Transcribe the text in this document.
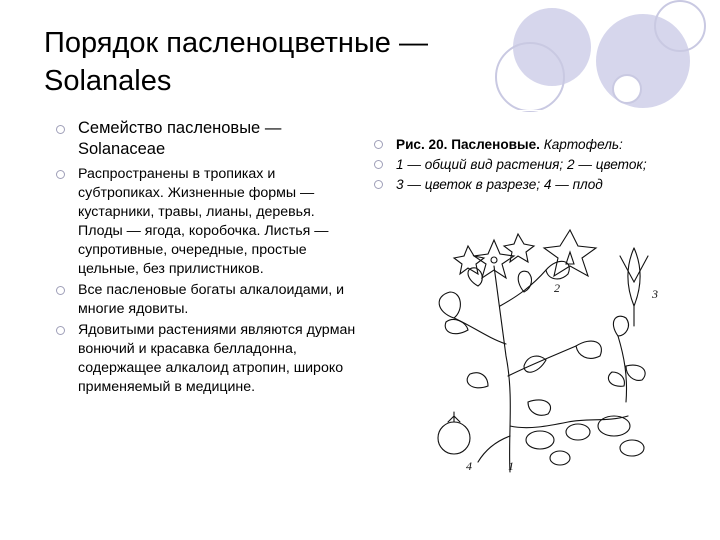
Порядок пасленоцветные — Solanales
Семейство пасленовые — Solanaceae
Распространены в тропиках и субтропиках. Жизненные формы — кустарники, травы, лианы, деревья. Плоды — ягода, коробочка. Листья — супротивные, очередные, простые цельные, без прилистников.
Все пасленовые богаты алкалоидами, и многие ядовиты.
Ядовитыми растениями являются дурман вонючий и красавка белладонна, содержащее алкалоид атропин, широко применяемый в медицине.
Рис. 20. Пасленовые. Картофель:
1 — общий вид растения; 2 — цветок;
3 — цветок в разрезе; 4 — плод
2	3
4	1
